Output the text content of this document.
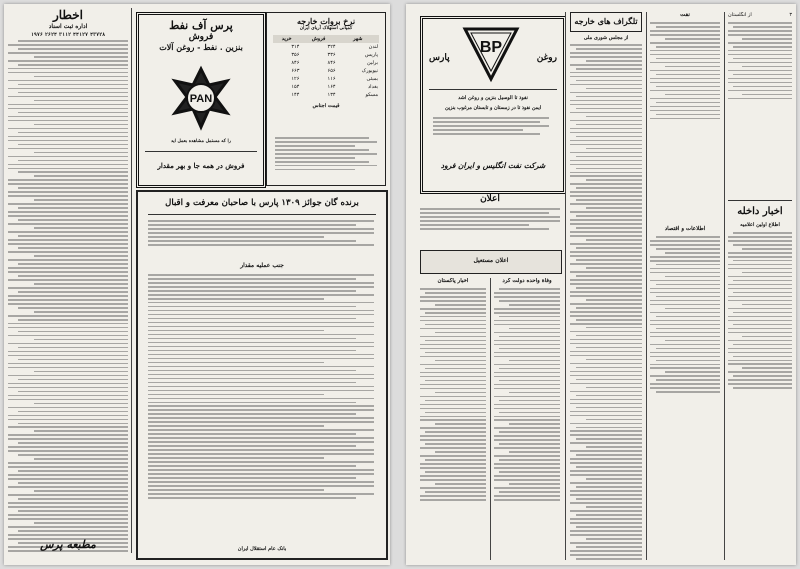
اخطار

اداره ثبت اسناد

۴۳۷۲۸
۴۴۱۲۷
۳۱۱۲
۲۶۲۴
۱۹۷۶

مطبعه پرس

پرس آف نفط

فروش

بنزین . نفط - روغن آلات

PAN

را که مستمل مشاهده بعمل اید

فروش در همه جا و بهر مقدار

نرخ بروات خارجه

کمپانی استهلاک آریای ایران

شهر	فروش	خرید
لندن	۳۲۴	۳۱۴
پاریس	۳۳۶	۳۵۶
برلین	۸۴۶	۸۴۶
نیویورک	۶۵۶	۶۶۳
بمبئی	۱۱۶	۱۲۶
بغداد	۱۶۴	۱۵۴
مسکو	۱۳۴	۱۴۴

قیمت اجناس

برنده گان جوائز ۱۳۰۹ پارس با صاحبان معرفت و اقبال

جنب عملیه مقدار

بانک عام استقلال ایران

پارس	روغن
BP

نفوذ تا الوسیل بنزین و روغن اشد

ایمن نفوذ تا در زمستان و تابستان مرغوب بنزین

شرکت نفت انگلیس و ایران فرود

اعلان

اعلان مستعیل

اخبار پاکستان	وفاة واحده دولت کرد

تلگراف های خارجه

از مجلس شوری ملی

نفت

اطلاعات و اقتصاد

۳
از انگلستان

اخبار داخله

اطلاع اولین اعلامیه
